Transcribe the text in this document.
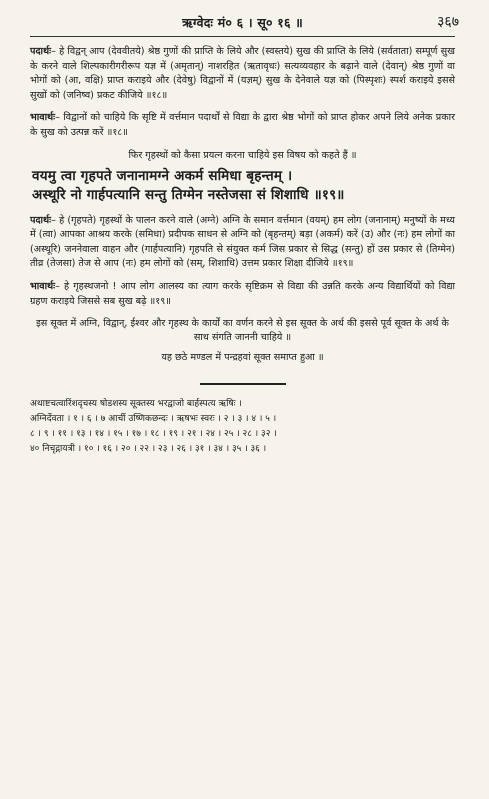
ऋग्वेदः मं० ६ । सू० १६ ॥	३६७

पदार्थः– हे विद्वन् आप (देववीतये) श्रेष्ठ गुणों की प्राप्ति के लिये और (स्वस्तये) सुख की प्राप्ति के लिये (सर्वताता) सम्पूर्ण सुख के करने वाले शिल्पकारीगरीरूप यज्ञ में (अमृतान्) नाशरहित (ऋतावृधः) सत्यव्यवहार के बढ़ाने वाले (देवान्) श्रेष्ठ गुणों वा भोगों को (आ, वक्षि) प्राप्त कराइये और (देवेषु) विद्वानों में (यज्ञम्) सुख के देनेवाले यज्ञ को (पिस्पृशः) स्पर्श कराइये इससे सुखों को (जनिष्व) प्रकट कीजिये ॥१८॥

भावार्थः– विद्वानों को चाहिये कि सृष्टि में वर्त्तमान पदार्थों से विद्या के द्वारा श्रेष्ठ भोगों को प्राप्त होकर अपने लिये अनेक प्रकार के सुख को उत्पन्न करें ॥१८॥

फिर गृहस्थों को कैसा प्रयत्न करना चाहिये इस विषय को कहते हैं ॥

वयमु त्वा गृहपते जनानामग्ने अकर्म समिधा बृहन्तम् ।

अस्थूरि नो गार्हपत्यानि सन्तु तिग्मेन नस्तेजसा सं शिशाधि ॥१९॥

पदार्थः– हे (गृहपते) गृहस्थों के पालन करने वाले (अग्ने) अग्नि के समान वर्त्तमान (वयम्) हम लोग (जनानाम्) मनुष्यों के मध्य में (त्वा) आपका आश्रय करके (समिधा) प्रदीपक साधन से अग्नि को (बृहन्तम्) बड़ा (अकर्म) करें (उ) और (नः) हम लोगों का (अस्थूरि) जननेवाला वाहन और (गार्हपत्यानि) गृहपति से संयुक्त कर्म जिस प्रकार से सिद्ध (सन्तु) हों उस प्रकार से (तिग्मेन) तीव्र (तेजसा) तेज से आप (नः) हम लोगों को (सम्, शिशाधि) उत्तम प्रकार शिक्षा दीजिये ॥१९॥

भावार्थः– हे गृहस्थजनो ! आप लोग आलस्य का त्याग करके सृष्टिक्रम से विद्या की उन्नति करके अन्य विद्यार्थियों को विद्या ग्रहण कराइये जिससे सब सुख बढ़े ॥१९॥

इस सूक्त में अग्नि, विद्वान्, ईश्वर और गृहस्थ के कार्यों का वर्णन करने से इस सूक्त के अर्थ की इससे पूर्व सूक्त के अर्थ के साथ संगति जाननी चाहिये ॥

यह छठे मण्डल में पन्द्रहवां सूक्त समाप्त हुआ ॥

अथाष्टचत्वारिंशदृचस्य षोडशस्य सूक्तस्य भरद्वाजो बार्हस्पत्य ऋषिः ।

अग्निर्देवता । १ । ६ । ७ आर्ची उष्णिकछन्दः । ऋषभः स्वरः । २ । ३ । ४ । ५ ।

८ । ९ । ११ । १३ । १४ । १५ । १७ । १८ । १९ । २१ । २४ । २५ । २८ । ३२ ।

४० निचृद्गायत्री । १० । १६ । २० । २२ । २३ । २६ । ३१ । ३४ । ३५ । ३६ ।
